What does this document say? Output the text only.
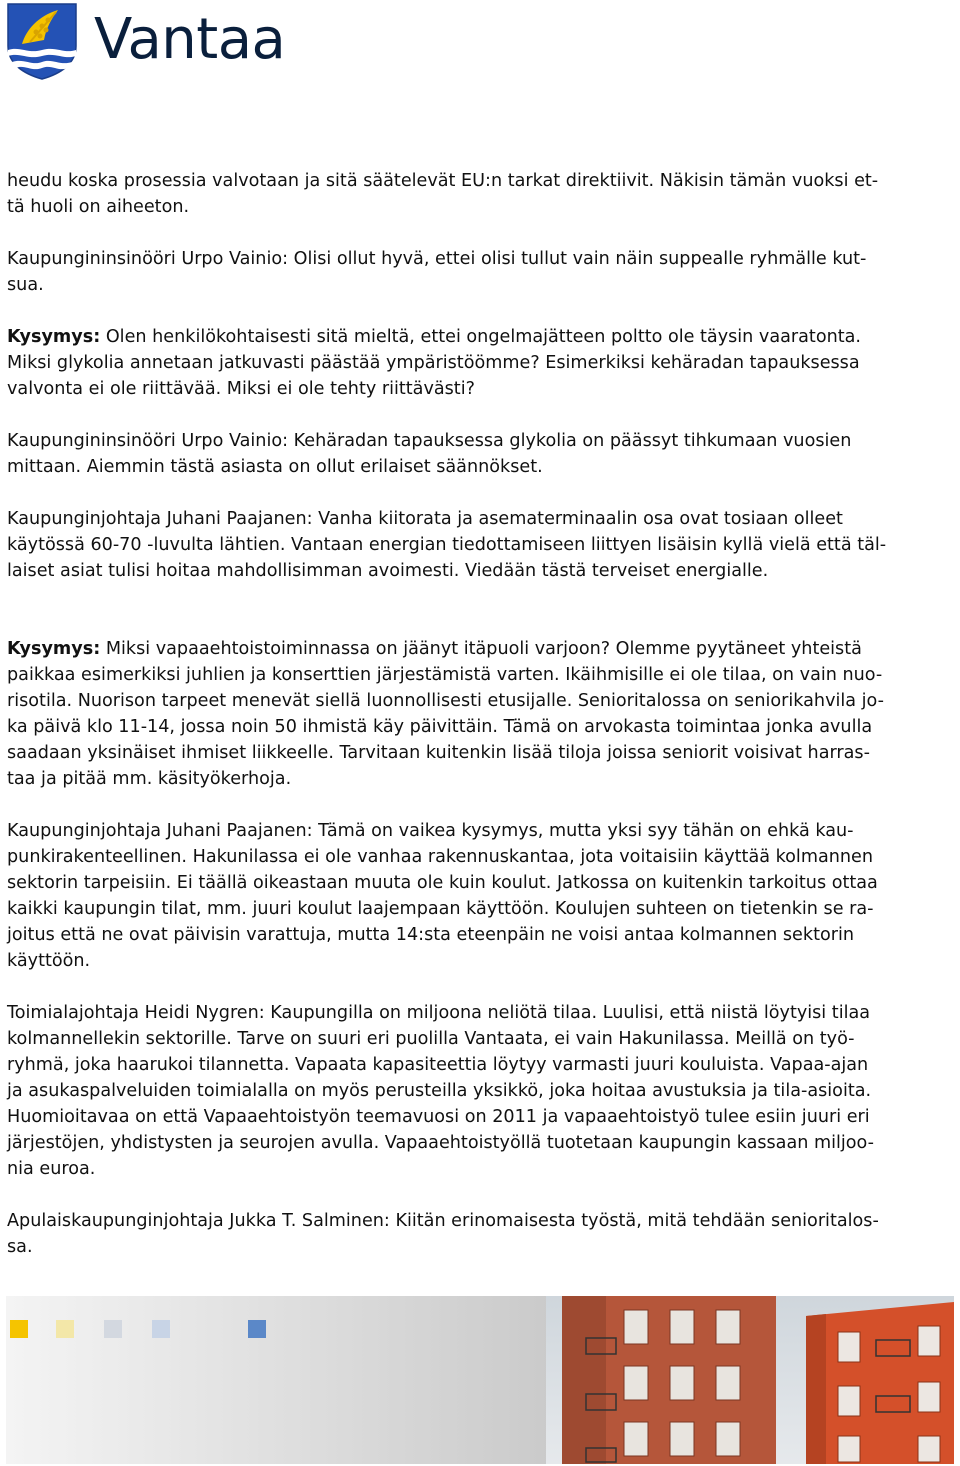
Vantaa

heudu koska prosessia valvotaan ja sitä säätelevät EU:n tarkat direktiivit. Näkisin tämän vuoksi et-
tä huoli on aiheeton.

Kaupungininsinööri Urpo Vainio: Olisi ollut hyvä, ettei olisi tullut vain näin suppealle ryhmälle kut-
sua.

Kysymys: Olen henkilökohtaisesti sitä mieltä, ettei ongelmajätteen poltto ole täysin vaaratonta.
Miksi glykolia annetaan jatkuvasti päästää ympäristöömme? Esimerkiksi kehäradan tapauksessa
valvonta ei ole riittävää. Miksi ei ole tehty riittävästi?

Kaupungininsinööri Urpo Vainio: Kehäradan tapauksessa glykolia on päässyt tihkumaan vuosien
mittaan. Aiemmin tästä asiasta on ollut erilaiset säännökset.

Kaupunginjohtaja Juhani Paajanen: Vanha kiitorata ja asematerminaalin osa ovat tosiaan olleet
käytössä 60-70 -luvulta lähtien. Vantaan energian tiedottamiseen liittyen lisäisin kyllä vielä että täl-
laiset asiat tulisi hoitaa mahdollisimman avoimesti. Viedään tästä terveiset energialle.

Kysymys: Miksi vapaaehtoistoiminnassa on jäänyt itäpuoli varjoon? Olemme pyytäneet yhteistä
paikkaa esimerkiksi juhlien ja konserttien järjestämistä varten. Ikäihmisille ei ole tilaa, on vain nuo-
risotila. Nuorison tarpeet menevät siellä luonnollisesti etusijalle. Senioritalossa on seniorikahvila jo-
ka päivä klo 11-14, jossa noin 50 ihmistä käy päivittäin. Tämä on arvokasta toimintaa jonka avulla
saadaan yksinäiset ihmiset liikkeelle. Tarvitaan kuitenkin lisää tiloja joissa seniorit voisivat harras-
taa ja pitää mm. käsityökerhoja.

Kaupunginjohtaja Juhani Paajanen: Tämä on vaikea kysymys, mutta yksi syy tähän on ehkä kau-
punkirakenteellinen. Hakunilassa ei ole vanhaa rakennuskantaa, jota voitaisiin käyttää kolmannen
sektorin tarpeisiin. Ei täällä oikeastaan muuta ole kuin koulut. Jatkossa on kuitenkin tarkoitus ottaa
kaikki kaupungin tilat, mm. juuri koulut laajempaan käyttöön. Koulujen suhteen on tietenkin se ra-
joitus että ne ovat päivisin varattuja, mutta 14:sta eteenpäin ne voisi antaa kolmannen sektorin
käyttöön.

Toimialajohtaja Heidi Nygren: Kaupungilla on miljoona neliötä tilaa. Luulisi, että niistä löytyisi tilaa
kolmannellekin sektorille. Tarve on suuri eri puolilla Vantaata, ei vain Hakunilassa. Meillä on työ-
ryhmä, joka haarukoi tilannetta. Vapaata kapasiteettia löytyy varmasti juuri kouluista. Vapaa-ajan
ja asukaspalveluiden toimialalla on myös perusteilla yksikkö, joka hoitaa avustuksia ja tila-asioita.
Huomioitavaa on että Vapaaehtoistyön teemavuosi on 2011 ja vapaaehtoistyö tulee esiin juuri eri
järjestöjen, yhdistysten ja seurojen avulla. Vapaaehtoistyöllä tuotetaan kaupungin kassaan miljoo-
nia euroa.

Apulaiskaupunginjohtaja Jukka T. Salminen: Kiitän erinomaisesta työstä, mitä tehdään senioritalos-
sa.
